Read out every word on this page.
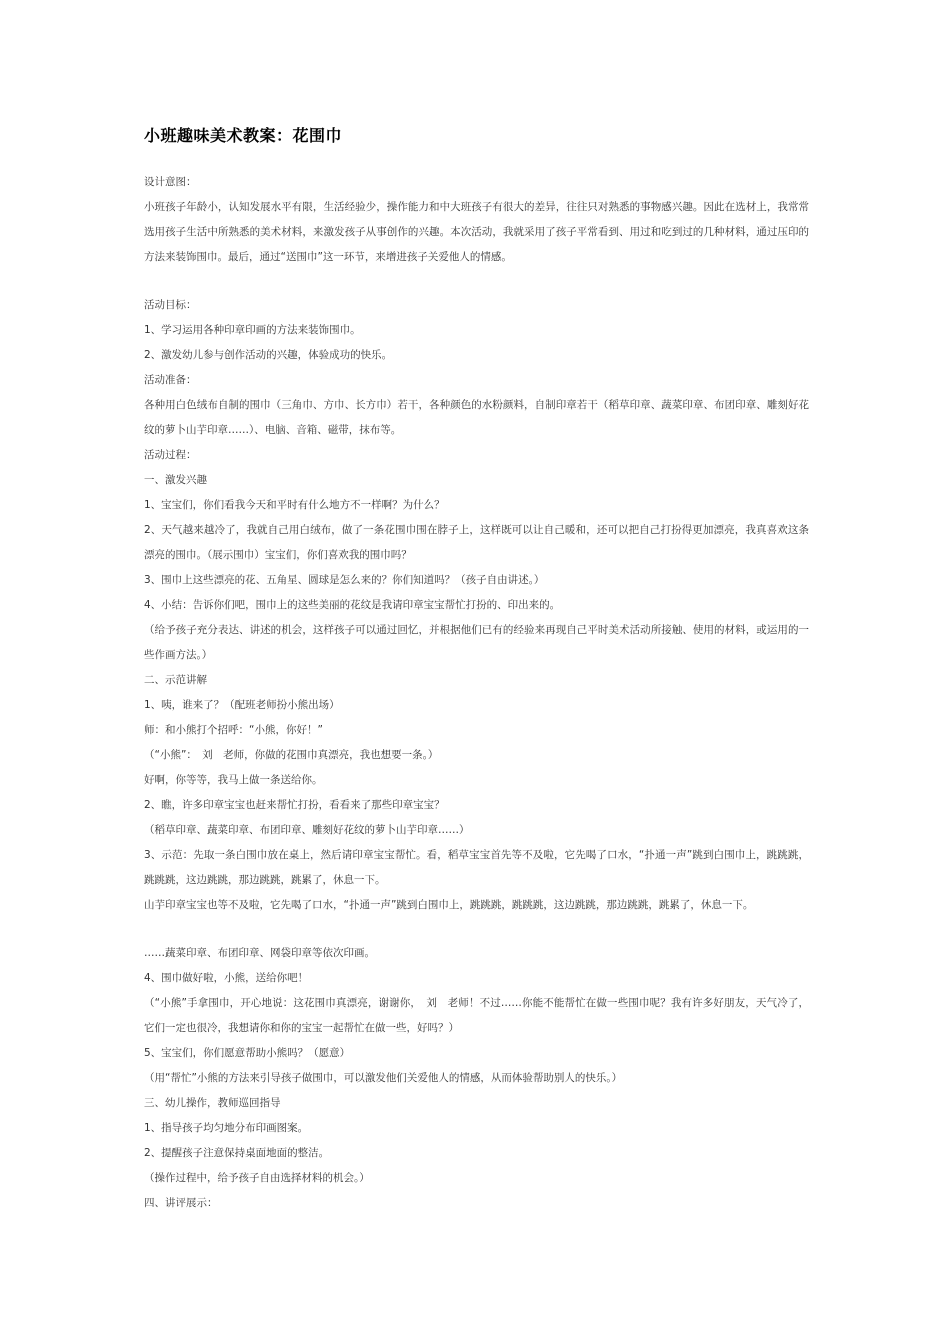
小班趣味美术教案：花围巾

设计意图：

小班孩子年龄小，认知发展水平有限，生活经验少，操作能力和中大班孩子有很大的差异，往往只对熟悉的事物感兴趣。因此在选材上，我常常选用孩子生活中所熟悉的美术材料，来激发孩子从事创作的兴趣。本次活动，我就采用了孩子平常看到、用过和吃到过的几种材料，通过压印的方法来装饰围巾。最后，通过“送围巾”这一环节，来增进孩子关爱他人的情感。

活动目标：

1、学习运用各种印章印画的方法来装饰围巾。

2、激发幼儿参与创作活动的兴趣，体验成功的快乐。

活动准备：

各种用白色绒布自制的围巾（三角巾、方巾、长方巾）若干，各种颜色的水粉颜料，自制印章若干（稻草印章、蔬菜印章、布团印章、雕刻好花纹的萝卜山芋印章……）、电脑、音箱、磁带，抹布等。

活动过程：

一、激发兴趣

1、宝宝们，你们看我今天和平时有什么地方不一样啊？为什么？

2、天气越来越冷了，我就自己用白绒布，做了一条花围巾围在脖子上，这样既可以让自己暖和，还可以把自己打扮得更加漂亮，我真喜欢这条漂亮的围巾。（展示围巾）宝宝们，你们喜欢我的围巾吗？

3、围巾上这些漂亮的花、五角星、圆球是怎么来的？你们知道吗？（孩子自由讲述。）

4、小结：告诉你们吧，围巾上的这些美丽的花纹是我请印章宝宝帮忙打扮的、印出来的。

（给予孩子充分表达、讲述的机会，这样孩子可以通过回忆，并根据他们已有的经验来再现自己平时美术活动所接触、使用的材料，或运用的一些作画方法。）

二、示范讲解

1、咦，谁来了？（配班老师扮小熊出场）

师：和小熊打个招呼：“小熊，你好！”

（“小熊”：　刘　老师，你做的花围巾真漂亮，我也想要一条。）

好啊，你等等，我马上做一条送给你。

2、瞧，许多印章宝宝也赶来帮忙打扮，看看来了那些印章宝宝？

（稻草印章、蔬菜印章、布团印章、雕刻好花纹的萝卜山芋印章……）

3、示范：先取一条白围巾放在桌上，然后请印章宝宝帮忙。看，稻草宝宝首先等不及啦，它先喝了口水，“扑通一声”跳到白围巾上，跳跳跳，跳跳跳，这边跳跳，那边跳跳，跳累了，休息一下。

山芋印章宝宝也等不及啦，它先喝了口水，“扑通一声”跳到白围巾上，跳跳跳，跳跳跳，这边跳跳，那边跳跳，跳累了，休息一下。

……蔬菜印章、布团印章、网袋印章等依次印画。

4、围巾做好啦，小熊，送给你吧！

（“小熊”手拿围巾，开心地说：这花围巾真漂亮，谢谢你，　刘　老师！不过……你能不能帮忙在做一些围巾呢？我有许多好朋友，天气冷了，它们一定也很冷，我想请你和你的宝宝一起帮忙在做一些，好吗？）

5、宝宝们，你们愿意帮助小熊吗？（愿意）

（用“帮忙”小熊的方法来引导孩子做围巾，可以激发他们关爱他人的情感，从而体验帮助别人的快乐。）

三、幼儿操作，教师巡回指导

1、指导孩子均匀地分布印画图案。

2、提醒孩子注意保持桌面地面的整洁。

（操作过程中，给予孩子自由选择材料的机会。）

四、讲评展示：
